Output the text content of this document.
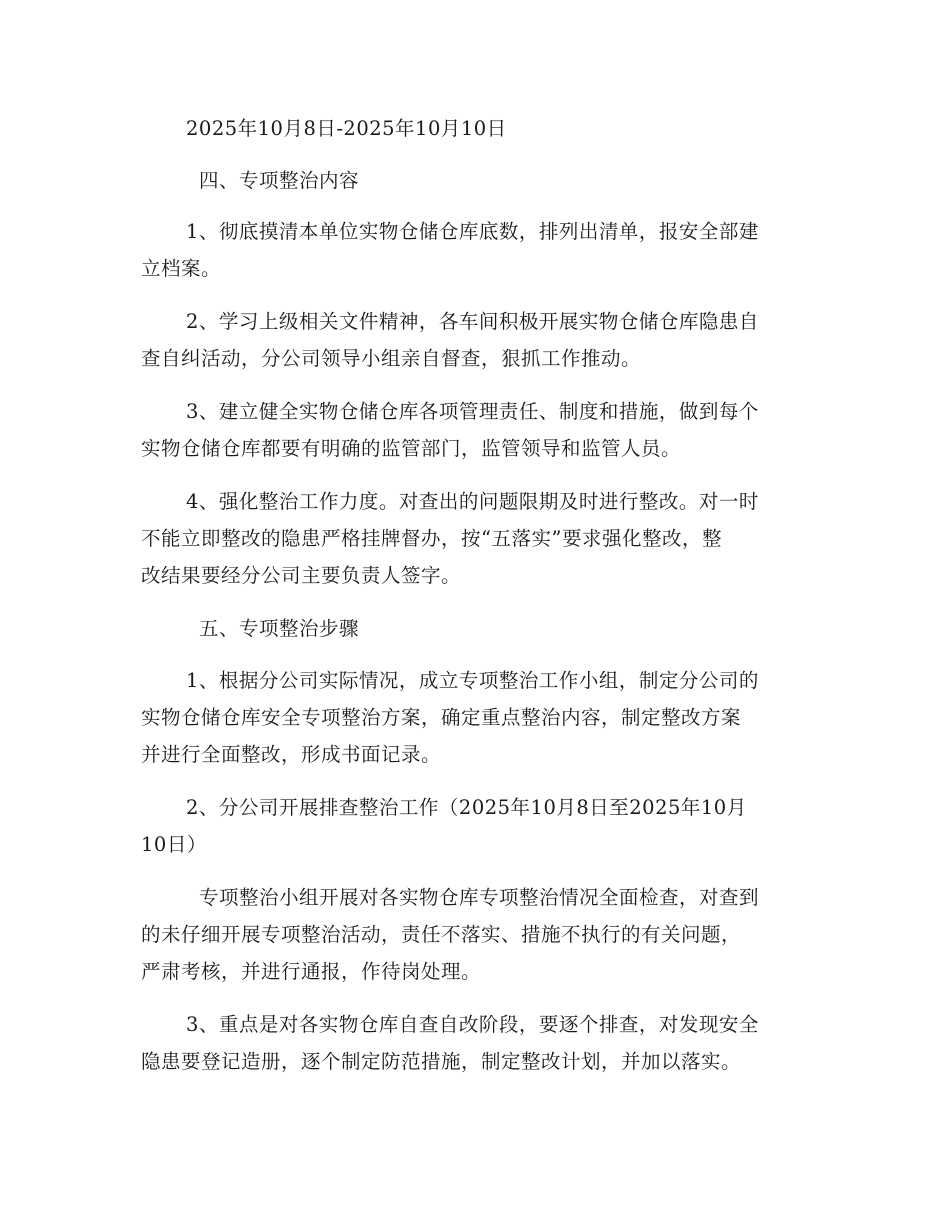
2025年10月8日-2025年10月10日
四、专项整治内容
1、彻底摸清本单位实物仓储仓库底数，排列出清单，报安全部建
立档案。
2、学习上级相关文件精神，各车间积极开展实物仓储仓库隐患自
查自纠活动，分公司领导小组亲自督查，狠抓工作推动。
3、建立健全实物仓储仓库各项管理责任、制度和措施，做到每个
实物仓储仓库都要有明确的监管部门，监管领导和监管人员。
4、强化整治工作力度。对查出的问题限期及时进行整改。对一时
不能立即整改的隐患严格挂牌督办，按“五落实”要求强化整改，整
改结果要经分公司主要负责人签字。
五、专项整治步骤
1、根据分公司实际情况，成立专项整治工作小组，制定分公司的
实物仓储仓库安全专项整治方案，确定重点整治内容，制定整改方案
并进行全面整改，形成书面记录。
2、分公司开展排查整治工作（2025年10月8日至2025年10月
10日）
专项整治小组开展对各实物仓库专项整治情况全面检查，对查到
的未仔细开展专项整治活动，责任不落实、措施不执行的有关问题，
严肃考核，并进行通报，作待岗处理。
3、重点是对各实物仓库自查自改阶段，要逐个排查，对发现安全
隐患要登记造册，逐个制定防范措施，制定整改计划，并加以落实。
